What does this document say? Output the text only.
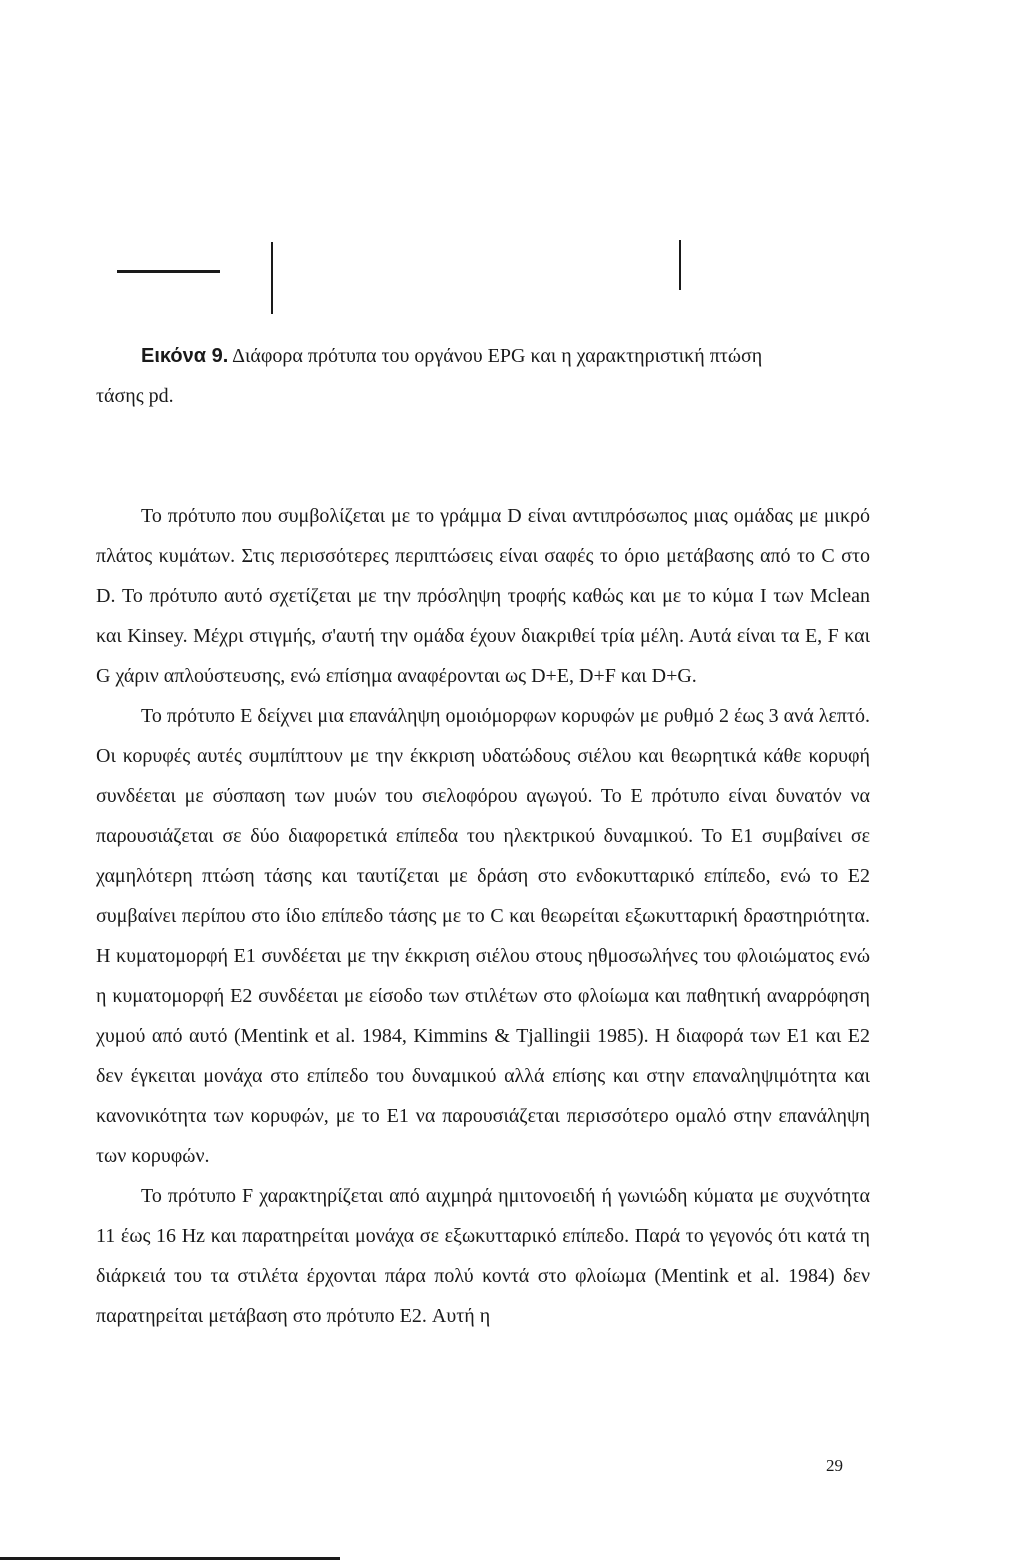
Εικόνα 9. Διάφορα πρότυπα του οργάνου EPG και η χαρακτηριστική πτώση
τάσης pd.

Το πρότυπο που συμβολίζεται με το γράμμα D είναι αντιπρόσωπος μιας ομάδας με μικρό πλάτος κυμάτων. Στις περισσότερες περιπτώσεις είναι σαφές το όριο μετάβασης από το C στο D. Το πρότυπο αυτό σχετίζεται με την πρόσληψη τροφής καθώς και με το κύμα I των Mclean και Kinsey. Μέχρι στιγμής, σ'αυτή την ομάδα έχουν διακριθεί τρία μέλη. Αυτά είναι τα E, F και G χάριν απλούστευσης, ενώ επίσημα αναφέρονται ως D+E, D+F και D+G.

Το πρότυπο E δείχνει μια επανάληψη ομοιόμορφων κορυφών με ρυθμό 2 έως 3 ανά λεπτό. Οι κορυφές αυτές συμπίπτουν με την έκκριση υδατώδους σιέλου και θεωρητικά κάθε κορυφή συνδέεται με σύσπαση των μυών του σιελοφόρου αγωγού. Το E πρότυπο είναι δυνατόν να παρουσιάζεται σε δύο διαφορετικά επίπεδα του ηλεκτρικού δυναμικού. Το E1 συμβαίνει σε χαμηλότερη πτώση τάσης και ταυτίζεται με δράση στο ενδοκυτταρικό επίπεδο, ενώ το E2 συμβαίνει περίπου στο ίδιο επίπεδο τάσης με το C και θεωρείται εξωκυτταρική δραστηριότητα. Η κυματομορφή E1 συνδέεται με την έκκριση σιέλου στους ηθμοσωλήνες του φλοιώματος ενώ η κυματομορφή E2 συνδέεται με είσοδο των στιλέτων στο φλοίωμα και παθητική αναρρόφηση χυμού από αυτό (Mentink et al. 1984, Kimmins & Tjallingii 1985). Η διαφορά των E1 και E2 δεν έγκειται μονάχα στο επίπεδο του δυναμικού αλλά επίσης και στην επαναληψιμότητα και κανονικότητα των κορυφών, με το E1 να παρουσιάζεται περισσότερο ομαλό στην επανάληψη των κορυφών.

Το πρότυπο F χαρακτηρίζεται από αιχμηρά ημιτονοειδή ή γωνιώδη κύματα με συχνότητα 11 έως 16 Hz και παρατηρείται μονάχα σε εξωκυτταρικό επίπεδο. Παρά το γεγονός ότι κατά τη διάρκειά του τα στιλέτα έρχονται πάρα πολύ κοντά στο φλοίωμα (Mentink et al. 1984) δεν παρατηρείται μετάβαση στο πρότυπο E2. Αυτή η

29
